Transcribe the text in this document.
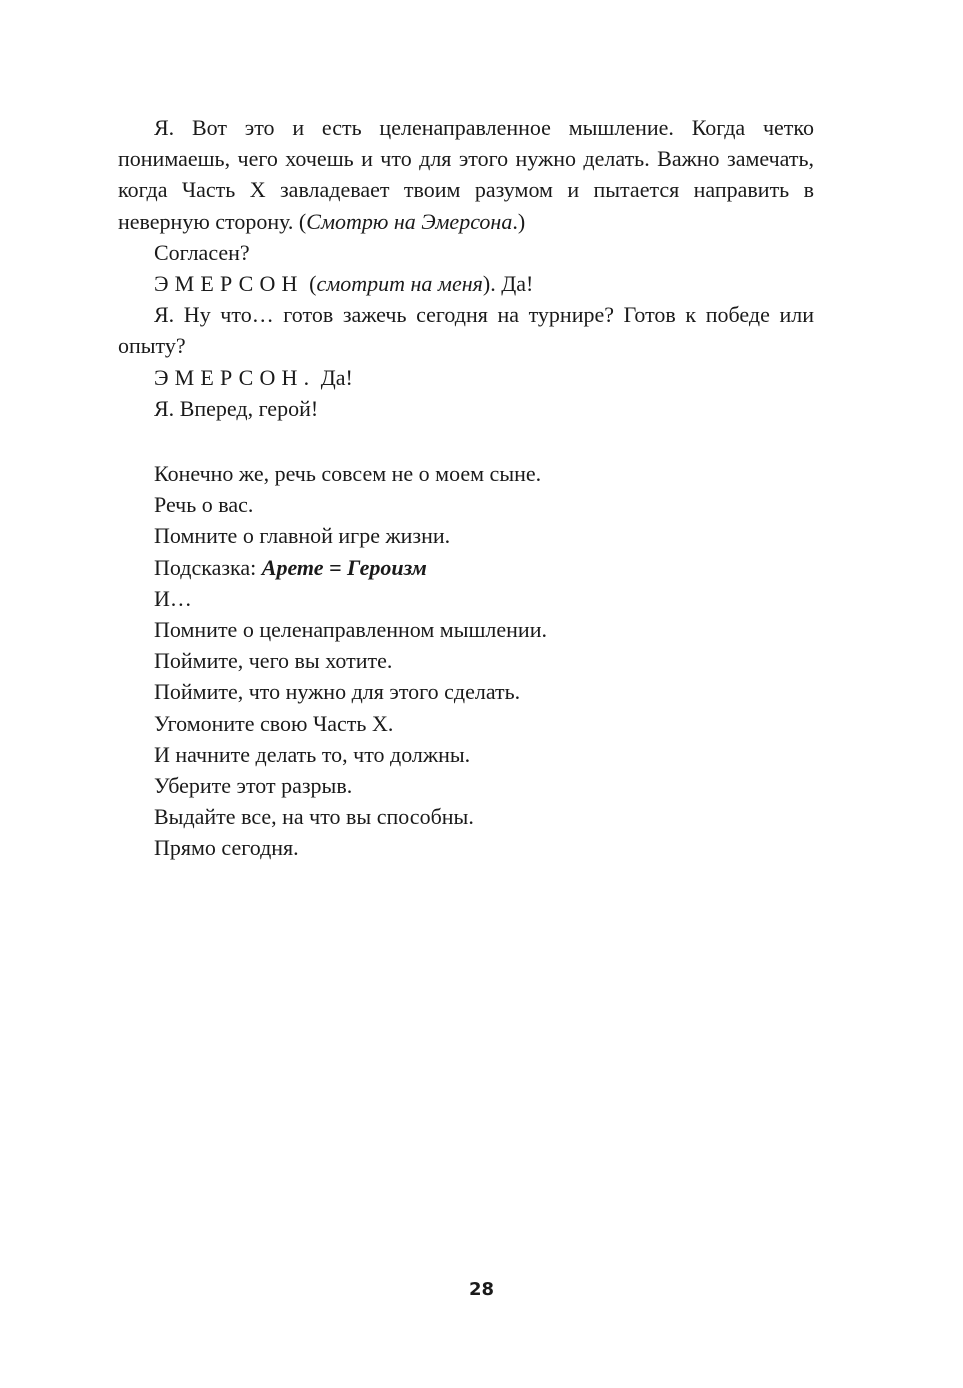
Я. Вот это и есть целенаправленное мышление. Когда четко понимаешь, чего хочешь и что для этого нужно делать. Важно замечать, когда Часть Х завладевает твоим разумом и пытается направить в неверную сторону. (Смотрю на Эмерсона.)

Согласен?

ЭМЕРСОН (смотрит на меня). Да!

Я. Ну что… готов зажечь сегодня на турнире? Готов к победе или опыту?

ЭМЕРСОН. Да!

Я. Вперед, герой!

Конечно же, речь совсем не о моем сыне.

Речь о вас.

Помните о главной игре жизни.

Подсказка: Арете = Героизм

И…

Помните о целенаправленном мышлении.

Поймите, чего вы хотите.

Поймите, что нужно для этого сделать.

Угомоните свою Часть Х.

И начните делать то, что должны.

Уберите этот разрыв.

Выдайте все, на что вы способны.

Прямо сегодня.

28
